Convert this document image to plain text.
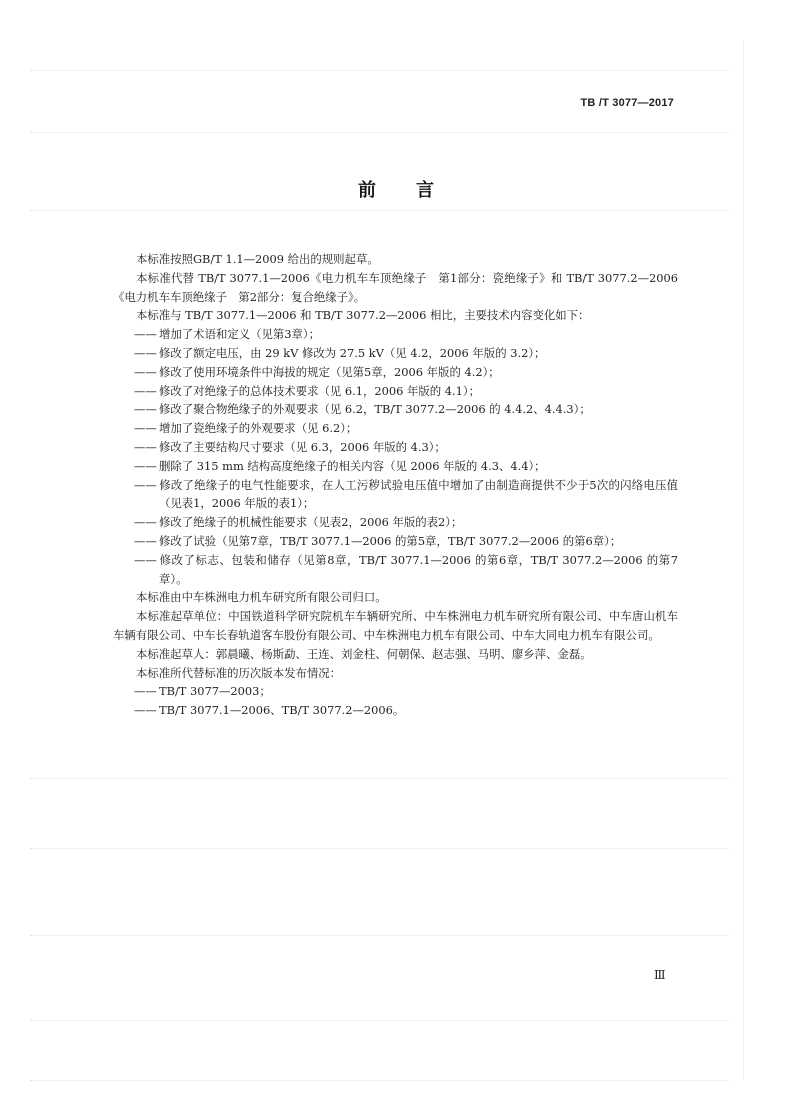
TB /T 3077—2017
前言

本标准按照GB/T 1.1—2009 给出的规则起草。

本标准代替 TB/T 3077.1—2006《电力机车车顶绝缘子　第1部分：瓷绝缘子》和 TB/T 3077.2—2006《电力机车车顶绝缘子　第2部分：复合绝缘子》。

本标准与 TB/T 3077.1—2006 和 TB/T 3077.2—2006 相比，主要技术内容变化如下：

—— 增加了术语和定义（见第3章）；

—— 修改了额定电压，由 29 kV 修改为 27.5 kV（见 4.2，2006 年版的 3.2）；

—— 修改了使用环境条件中海拔的规定（见第5章，2006 年版的 4.2）；

—— 修改了对绝缘子的总体技术要求（见 6.1，2006 年版的 4.1）；

—— 修改了聚合物绝缘子的外观要求（见 6.2，TB/T 3077.2—2006 的 4.4.2、4.4.3）；

—— 增加了瓷绝缘子的外观要求（见 6.2）；

—— 修改了主要结构尺寸要求（见 6.3，2006 年版的 4.3）；

—— 删除了 315 mm 结构高度绝缘子的相关内容（见 2006 年版的 4.3、4.4）；

—— 修改了绝缘子的电气性能要求，在人工污秽试验电压值中增加了由制造商提供不少于5次的闪络电压值（见表1，2006 年版的表1）；

—— 修改了绝缘子的机械性能要求（见表2，2006 年版的表2）；

—— 修改了试验（见第7章，TB/T 3077.1—2006 的第5章，TB/T 3077.2—2006 的第6章）；

—— 修改了标志、包装和储存（见第8章，TB/T 3077.1—2006 的第6章，TB/T 3077.2—2006 的第7章）。

本标准由中车株洲电力机车研究所有限公司归口。

本标准起草单位：中国铁道科学研究院机车车辆研究所、中车株洲电力机车研究所有限公司、中车唐山机车车辆有限公司、中车长春轨道客车股份有限公司、中车株洲电力机车有限公司、中车大同电力机车有限公司。

本标准起草人：郭晨曦、杨斯勐、王连、刘金柱、何朝保、赵志强、马明、廖乡萍、金磊。

本标准所代替标准的历次版本发布情况：

—— TB/T 3077—2003；

—— TB/T 3077.1—2006、TB/T 3077.2—2006。

Ⅲ
